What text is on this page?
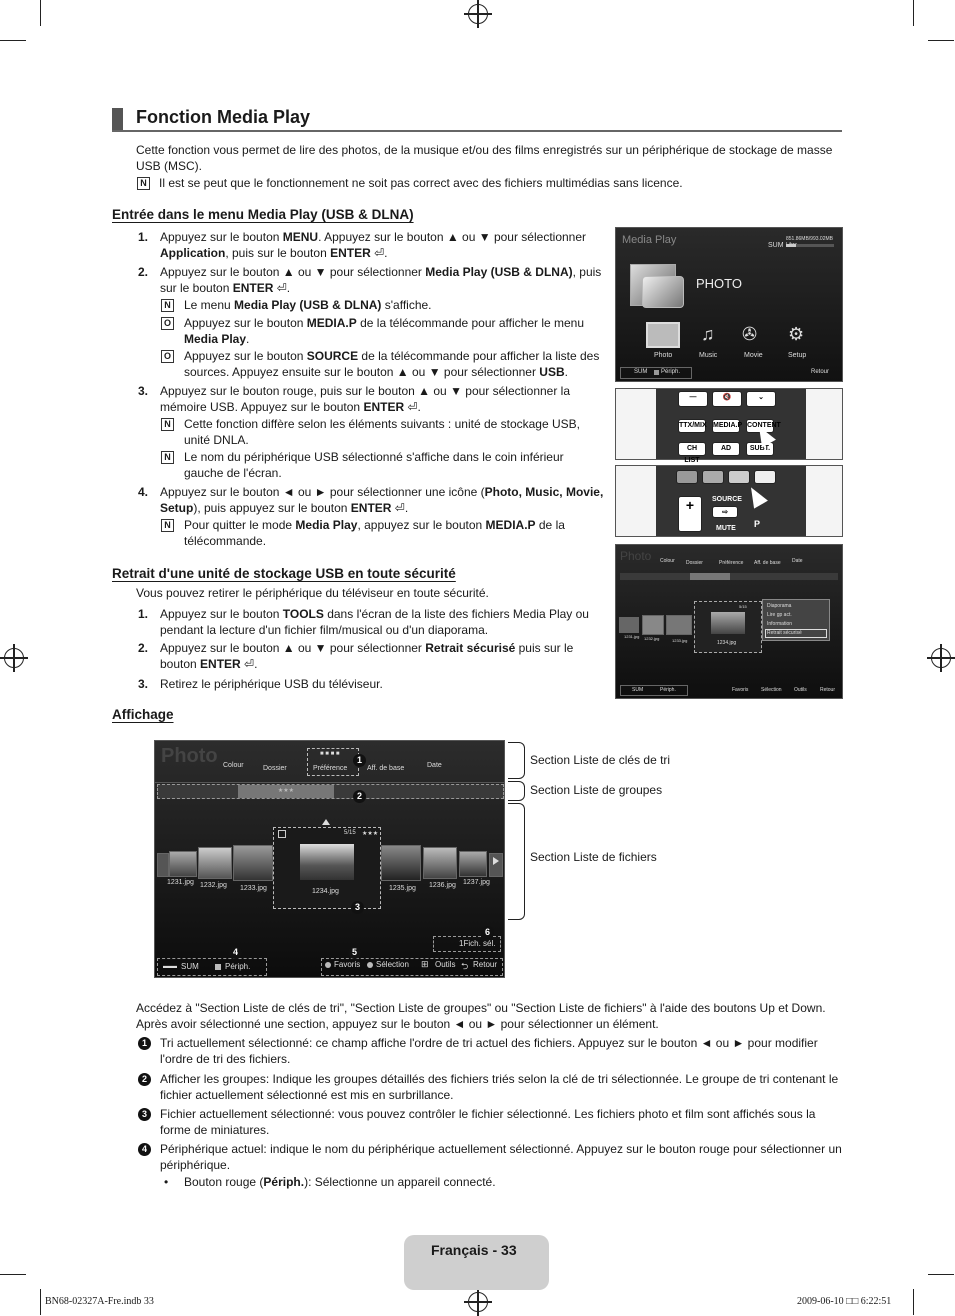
Fonction Media Play
Cette fonction vous permet de lire des photos, de la musique et/ou des films enregistrés sur un périphérique de stockage de masse USB (MSC).
N Il est se peut que le fonctionnement ne soit pas correct avec des fichiers multimédias sans licence.
Entrée dans le menu Media Play (USB & DLNA)
1. Appuyez sur le bouton MENU. Appuyez sur le bouton ▲ ou ▼ pour sélectionner Application, puis sur le bouton ENTER ⏎.
2. Appuyez sur le bouton ▲ ou ▼ pour sélectionner Media Play (USB & DLNA), puis sur le bouton ENTER ⏎.
N Le menu Media Play (USB & DLNA) s'affiche.
O Appuyez sur le bouton MEDIA.P de la télécommande pour afficher le menu Media Play.
O Appuyez sur le bouton SOURCE de la télécommande pour afficher la liste des sources. Appuyez ensuite sur le bouton ▲ ou ▼ pour sélectionner USB.
3. Appuyez sur le bouton rouge, puis sur le bouton ▲ ou ▼ pour sélectionner la mémoire USB. Appuyez sur le bouton ENTER ⏎.
N Cette fonction diffère selon les éléments suivants : unité de stockage USB, unité DNLA.
N Le nom du périphérique USB sélectionné s'affiche dans le coin inférieur gauche de l'écran.
4. Appuyez sur le bouton ◄ ou ► pour sélectionner une icône (Photo, Music, Movie, Setup), puis appuyez sur le bouton ENTER ⏎.
N Pour quitter le mode Media Play, appuyez sur le bouton MEDIA.P de la télécommande.
Media Play	SUM
851.86MB/993.02MB
PHOTO
♫ ✇ ⚙
Photo	Music	Movie	Setup
SUM Périph.	Retour
—	🔇	⌄
TTX/MIX MEDIA.P CONTENT
CH LIST
AD	SUBT.
+	SOURCE
⇨
MUTE P
Retrait d'une unité de stockage USB en toute sécurité
Vous pouvez retirer le périphérique du téléviseur en toute sécurité.
1. Appuyez sur le bouton TOOLS dans l'écran de la liste des fichiers Media Play ou pendant la lecture d'un fichier film/musical ou d'un diaporama.
2. Appuyez sur le bouton ▲ ou ▼ pour sélectionner Retrait sécurisé puis sur le bouton ENTER ⏎.
3. Retirez le périphérique USB du téléviseur.
Photo Colour Dossier	Préférence Aff. de base Date
1231.jpg 1232.jpg	1233.jpg
5/15
1234.jpg
Diaporama
Lire gp act.
Information
Retrait sécurisé
SUM	Périph.	Favoris	Sélection Outils	Retour
Affichage
Photo Colour	Dossier
■ ■ ■ ■
Préférence	Aff. de base	Date
★★★
1231.jpg 1232.jpg 1233.jpg	1235.jpg 1236.jpg 1237.jpg
5/15 ★★★
1234.jpg
1Fich. sél.
▬▬ SUM	Périph.	Favoris Sélection ⊞ Outils ⮌ Retour
1
2
3
4	5
6
Section Liste de clés de tri
Section Liste de groupes
Section Liste de fichiers
Accédez à "Section Liste de clés de tri", "Section Liste de groupes" ou "Section Liste de fichiers" à l'aide des boutons Up et Down. Après avoir sélectionné une section, appuyez sur le bouton ◄ ou ► pour sélectionner un élément.
1	Tri actuellement sélectionné: ce champ affiche l'ordre de tri actuel des fichiers. Appuyez sur le bouton ◄ ou ► pour modifier l'ordre de tri des fichiers.
2	Afficher les groupes: Indique les groupes détaillés des fichiers triés selon la clé de tri sélectionnée. Le groupe de tri contenant le fichier actuellement sélectionné est mis en surbrillance.
3	Fichier actuellement sélectionné: vous pouvez contrôler le fichier sélectionné. Les fichiers photo et film sont affichés sous la forme de miniatures.
4	Périphérique actuel: indique le nom du périphérique actuellement sélectionné. Appuyez sur le bouton rouge pour sélectionner un périphérique.
• Bouton rouge (Périph.): Sélectionne un appareil connecté.
Français - 33
BN68-02327A-Fre.indb 33	2009-06-10 □□ 6:22:51
